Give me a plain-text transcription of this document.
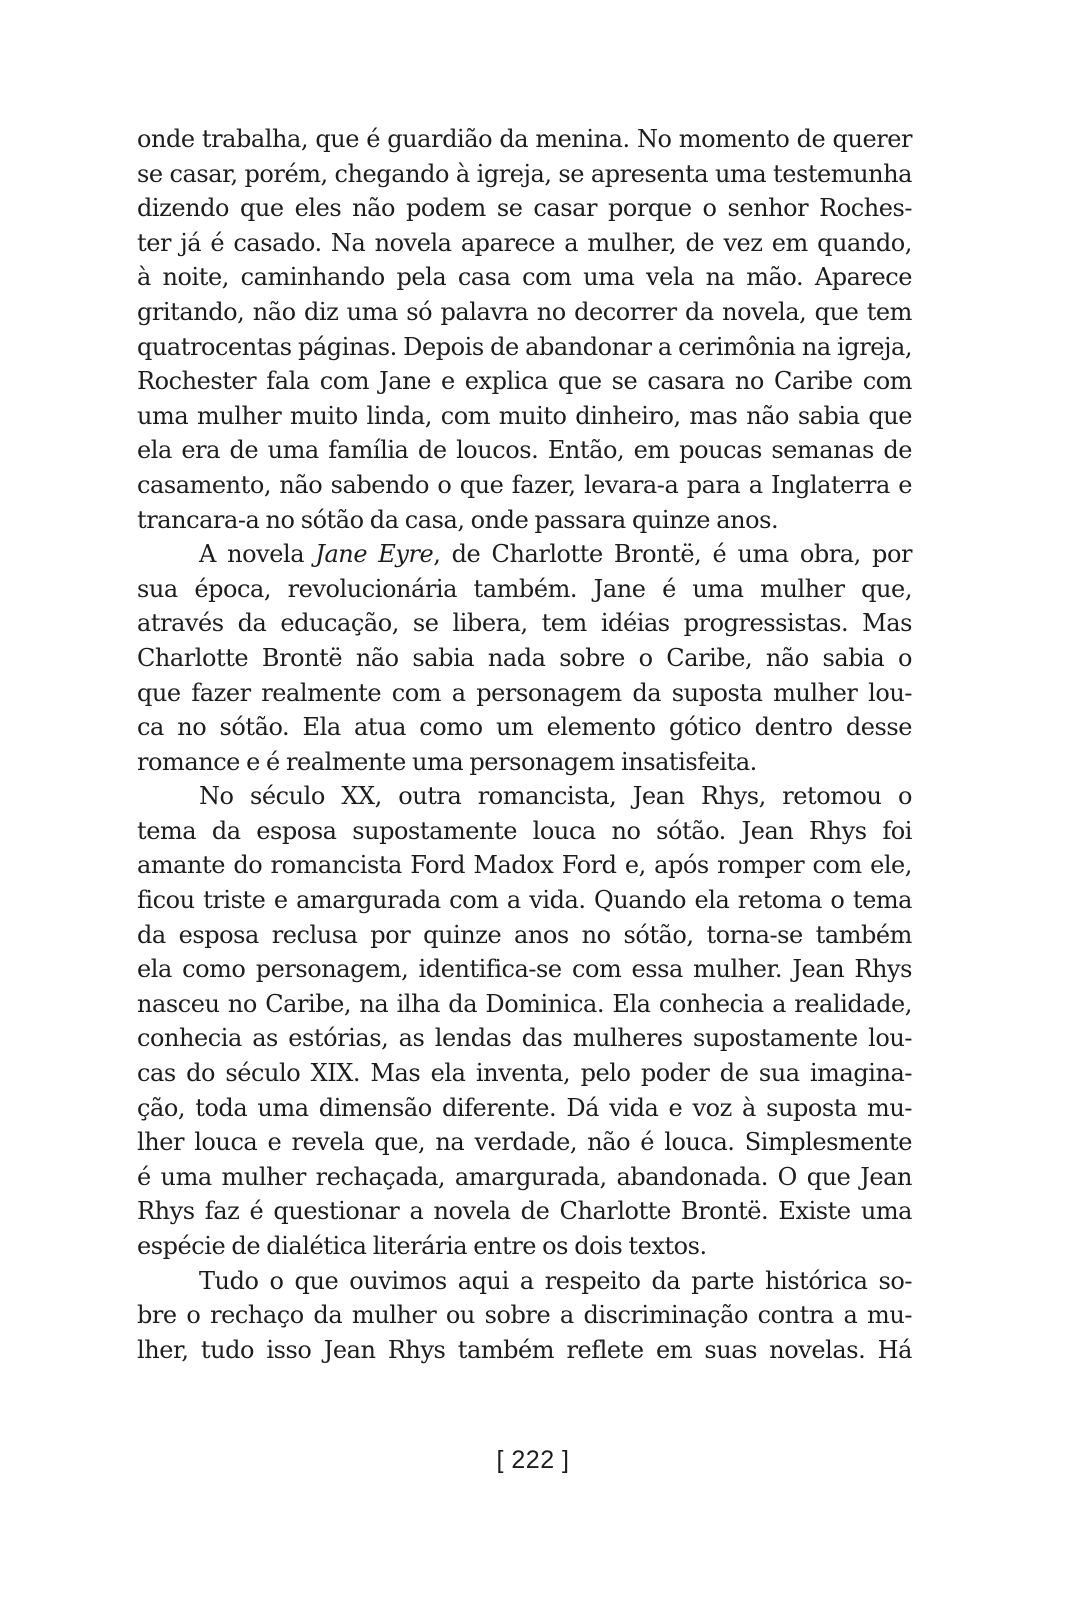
onde trabalha, que é guardião da menina. No momento de querer
se casar, porém, chegando à igreja, se apresenta uma testemunha
dizendo que eles não podem se casar porque o senhor Roches-
ter já é casado. Na novela aparece a mulher, de vez em quando,
à noite, caminhando pela casa com uma vela na mão. Aparece
gritando, não diz uma só palavra no decorrer da novela, que tem
quatrocentas páginas. Depois de abandonar a cerimônia na igreja,
Rochester fala com Jane e explica que se casara no Caribe com
uma mulher muito linda, com muito dinheiro, mas não sabia que
ela era de uma família de loucos. Então, em poucas semanas de
casamento, não sabendo o que fazer, levara-a para a Inglaterra e
trancara-a no sótão da casa, onde passara quinze anos.
A novela Jane Eyre, de Charlotte Brontë, é uma obra, por
sua época, revolucionária também. Jane é uma mulher que,
através da educação, se libera, tem idéias progressistas. Mas
Charlotte Brontë não sabia nada sobre o Caribe, não sabia o
que fazer realmente com a personagem da suposta mulher lou-
ca no sótão. Ela atua como um elemento gótico dentro desse
romance e é realmente uma personagem insatisfeita.
No século XX, outra romancista, Jean Rhys, retomou o
tema da esposa supostamente louca no sótão. Jean Rhys foi
amante do romancista Ford Madox Ford e, após romper com ele,
ficou triste e amargurada com a vida. Quando ela retoma o tema
da esposa reclusa por quinze anos no sótão, torna-se também
ela como personagem, identifica-se com essa mulher. Jean Rhys
nasceu no Caribe, na ilha da Dominica. Ela conhecia a realidade,
conhecia as estórias, as lendas das mulheres supostamente lou-
cas do século XIX. Mas ela inventa, pelo poder de sua imagina-
ção, toda uma dimensão diferente. Dá vida e voz à suposta mu-
lher louca e revela que, na verdade, não é louca. Simplesmente
é uma mulher rechaçada, amargurada, abandonada. O que Jean
Rhys faz é questionar a novela de Charlotte Brontë. Existe uma
espécie de dialética literária entre os dois textos.
Tudo o que ouvimos aqui a respeito da parte histórica so-
bre o rechaço da mulher ou sobre a discriminação contra a mu-
lher, tudo isso Jean Rhys também reflete em suas novelas. Há
[ 222 ]
